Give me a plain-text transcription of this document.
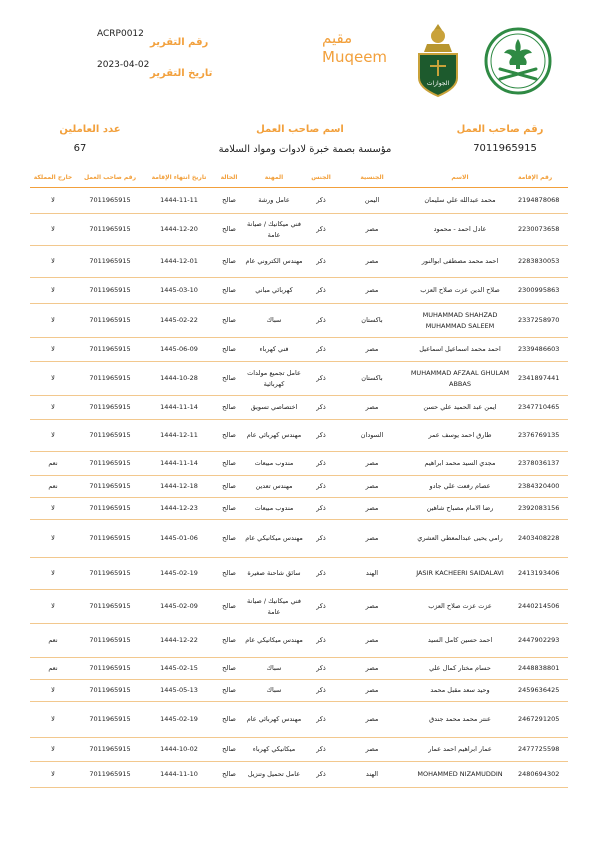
رقم التقرير
ACRP0012
تاريخ التقرير
2023-04-02
مقيم
Muqeem
الجوازات
عدد العاملين
67
اسم صاحب العمل
مؤسسة بصمة خبرة لادوات ومواد السلامة
رقم صاحب العمل
7011965915
خارج المملكة	رقم صاحب العمل	تاريخ انتهاء الإقامة	الحالة	المهنة	الجنس	الجنسية	الاسم	رقم الإقامة
لا	7011965915	1444-11-11	صالح	عامل ورشة	ذكر	اليمن	محمد عبدالله علي سليمان	2194878068
لا	7011965915	1444-12-20	صالح	فني ميكانيك / صيانة عامة	ذكر	مصر	عادل احمد - محمود	2230073658
لا	7011965915	1444-12-01	صالح	مهندس الكتروني عام	ذكر	مصر	احمد محمد مصطفى ابوالنور	2283830053
لا	7011965915	1445-03-10	صالح	كهربائي مباني	ذكر	مصر	صلاح الدين عزت صلاح العزب	2300995863
لا	7011965915	1445-02-22	صالح	سباك	ذكر	باكستان	MUHAMMAD SHAHZAD MUHAMMAD SALEEM	2337258970
لا	7011965915	1445-06-09	صالح	فني كهرباء	ذكر	مصر	احمد محمد اسماعيل اسماعيل	2339486603
لا	7011965915	1444-10-28	صالح	عامل تجميع مولدات كهربائية	ذكر	باكستان	MUHAMMAD AFZAAL GHULAM ABBAS	2341897441
لا	7011965915	1444-11-14	صالح	اختصاصي تسويق	ذكر	مصر	ايمن عبد الحميد علي حسن	2347710465
لا	7011965915	1444-12-11	صالح	مهندس كهربائي عام	ذكر	السودان	طارق احمد يوسف عمر	2376769135
نعم	7011965915	1444-11-14	صالح	مندوب مبيعات	ذكر	مصر	مجدي السيد محمد ابراهيم	2378036137
نعم	7011965915	1444-12-18	صالح	مهندس تعدين	ذكر	مصر	عصام رفعت علي جادو	2384320400
لا	7011965915	1444-12-23	صالح	مندوب مبيعات	ذكر	مصر	رضا الامام مصباح شاهين	2392083156
لا	7011965915	1445-01-06	صالح	مهندس ميكانيكي عام	ذكر	مصر	رامي يحيى عبدالمعطي العشري	2403408228
لا	7011965915	1445-02-19	صالح	سائق شاحنة صغيرة	ذكر	الهند	JASIR KACHEERI SAIDALAVI	2413193406
لا	7011965915	1445-02-09	صالح	فني ميكانيك / صيانة عامة	ذكر	مصر	عزت عزت صلاح العزب	2440214506
نعم	7011965915	1444-12-22	صالح	مهندس ميكانيكي عام	ذكر	مصر	احمد حسين كامل السيد	2447902293
نعم	7011965915	1445-02-15	صالح	سباك	ذكر	مصر	حسام مختار كمال علي	2448838801
لا	7011965915	1445-05-13	صالح	سباك	ذكر	مصر	وحيد سعد مقبل محمد	2459636425
لا	7011965915	1445-02-19	صالح	مهندس كهربائي عام	ذكر	مصر	عنتر محمد محمد جندق	2467291205
لا	7011965915	1444-10-02	صالح	ميكانيكي كهرباء	ذكر	مصر	عمار ابراهيم احمد عمار	2477725598
لا	7011965915	1444-11-10	صالح	عامل تحميل وتنزيل	ذكر	الهند	MOHAMMED NIZAMUDDIN	2480694302
